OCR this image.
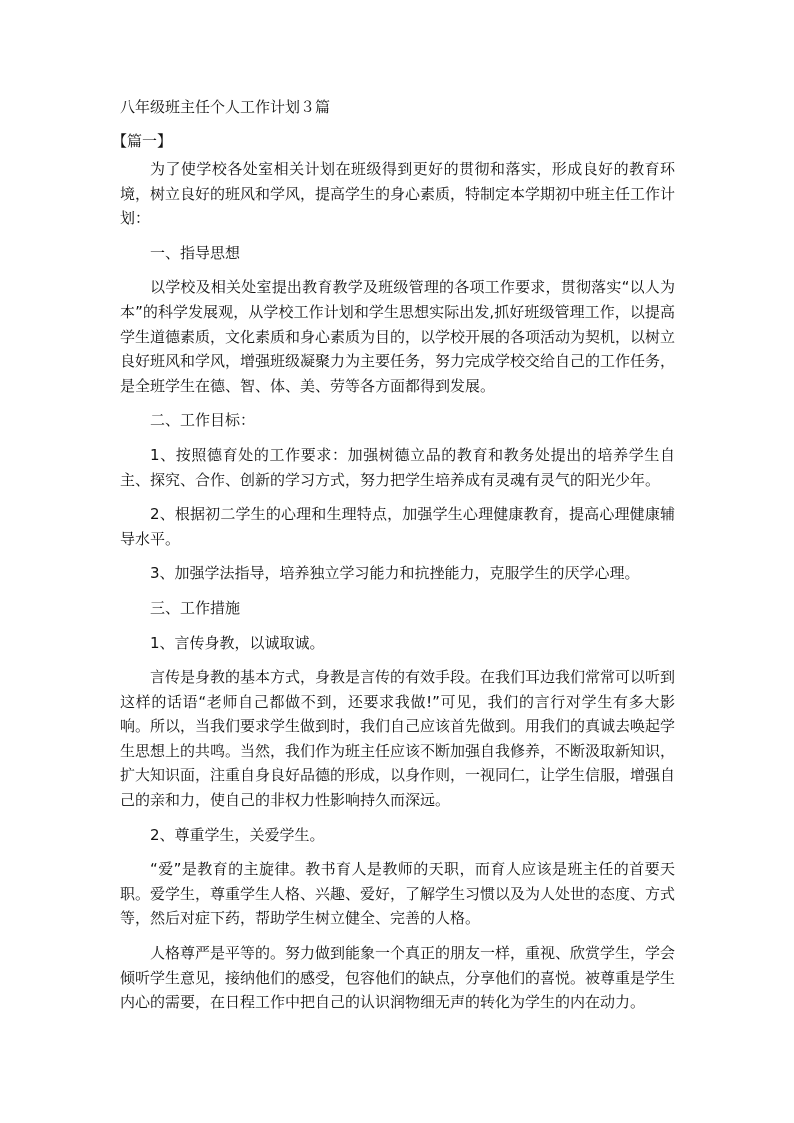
八年级班主任个人工作计划３篇
【篇一】

为了使学校各处室相关计划在班级得到更好的贯彻和落实，形成良好的教育环境，树立良好的班风和学风，提高学生的身心素质，特制定本学期初中班主任工作计划：

一、指导思想

以学校及相关处室提出教育教学及班级管理的各项工作要求，贯彻落实“以人为本”的科学发展观，从学校工作计划和学生思想实际出发,抓好班级管理工作，以提高学生道德素质，文化素质和身心素质为目的，以学校开展的各项活动为契机，以树立良好班风和学风，增强班级凝聚力为主要任务，努力完成学校交给自己的工作任务，是全班学生在德、智、体、美、劳等各方面都得到发展。

二、工作目标：

1、按照德育处的工作要求：加强树德立品的教育和教务处提出的培养学生自主、探究、合作、创新的学习方式，努力把学生培养成有灵魂有灵气的阳光少年。

2、根据初二学生的心理和生理特点，加强学生心理健康教育，提高心理健康辅导水平。

3、加强学法指导，培养独立学习能力和抗挫能力，克服学生的厌学心理。

三、工作措施

1、言传身教，以诚取诚。

言传是身教的基本方式，身教是言传的有效手段。在我们耳边我们常常可以听到这样的话语“老师自己都做不到，还要求我做!”可见，我们的言行对学生有多大影响。所以，当我们要求学生做到时，我们自己应该首先做到。用我们的真诚去唤起学生思想上的共鸣。当然，我们作为班主任应该不断加强自我修养，不断汲取新知识，扩大知识面，注重自身良好品德的形成，以身作则，一视同仁，让学生信服，增强自己的亲和力，使自己的非权力性影响持久而深远。

2、尊重学生，关爱学生。

“爱”是教育的主旋律。教书育人是教师的天职，而育人应该是班主任的首要天职。爱学生，尊重学生人格、兴趣、爱好，了解学生习惯以及为人处世的态度、方式等，然后对症下药，帮助学生树立健全、完善的人格。

人格尊严是平等的。努力做到能象一个真正的朋友一样，重视、欣赏学生，学会倾听学生意见，接纳他们的感受，包容他们的缺点，分享他们的喜悦。被尊重是学生内心的需要，在日程工作中把自己的认识润物细无声的转化为学生的内在动力。
